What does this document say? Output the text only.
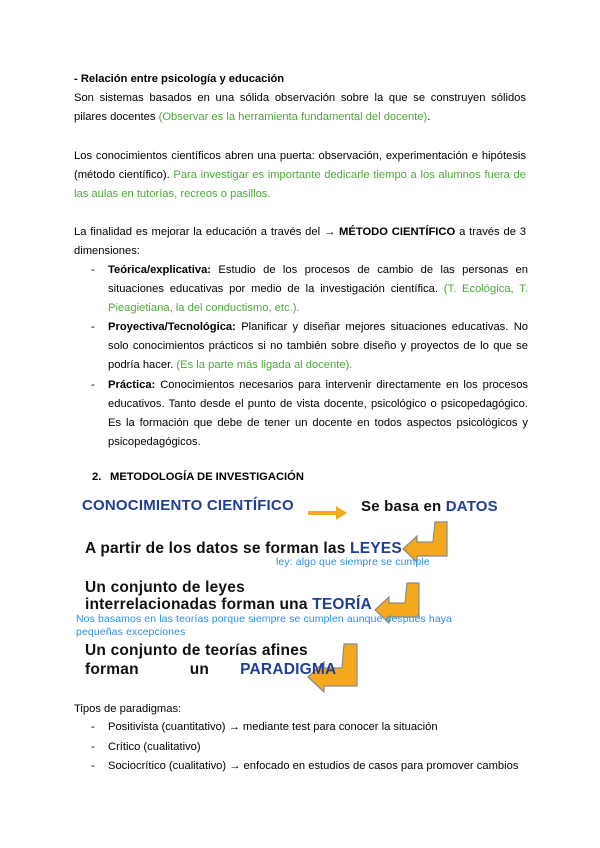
- Relación entre psicología y educación
Son sistemas basados en una sólida observación sobre la que se construyen sólidos pilares docentes (Observar es la herramienta fundamental del docente).
Los conocimientos científicos abren una puerta: observación, experimentación e hipótesis (método científico). Para investigar es importante dedicarle tiempo a los alumnos fuera de las aulas en tutorías, recreos o pasillos.
La finalidad es mejorar la educación a través del → MÉTODO CIENTÍFICO a través de 3 dimensiones:
- Teórica/explicativa: Estudio de los procesos de cambio de las personas en situaciones educativas por medio de la investigación científica. (T. Ecológica, T. Pieagietiana, la del conductismo, etc.).
- Proyectiva/Tecnológica: Planificar y diseñar mejores situaciones educativas. No solo conocimientos prácticos si no también sobre diseño y proyectos de lo que se podría hacer. (Es la parte más ligada al docente).
- Práctica: Conocimientos necesarios para intervenir directamente en los procesos educativos. Tanto desde el punto de vista docente, psicológico o psicopedagógico. Es la formación que debe de tener un docente en todos aspectos psicológicos y psicopedagógicos.
2. METODOLOGÍA DE INVESTIGACIÓN
CONOCIMIENTO CIENTÍFICO	Se basa en DATOS
A partir de los datos se forman las LEYES
ley: algo que siempre se cumple
Un conjunto de leyes
interrelacionadas forman una TEORÍA
Nos basamos en las teorías porque siempre se cumplen aunque después haya
pequeñas excepciones
Un conjunto de teorías afines
forman	un PARADIGMA
Tipos de paradigmas:
- Positivista (cuantitativo) → mediante test para conocer la situación
- Crítico (cualitativo)
- Sociocrítico (cualitativo) → enfocado en estudios de casos para promover cambios
